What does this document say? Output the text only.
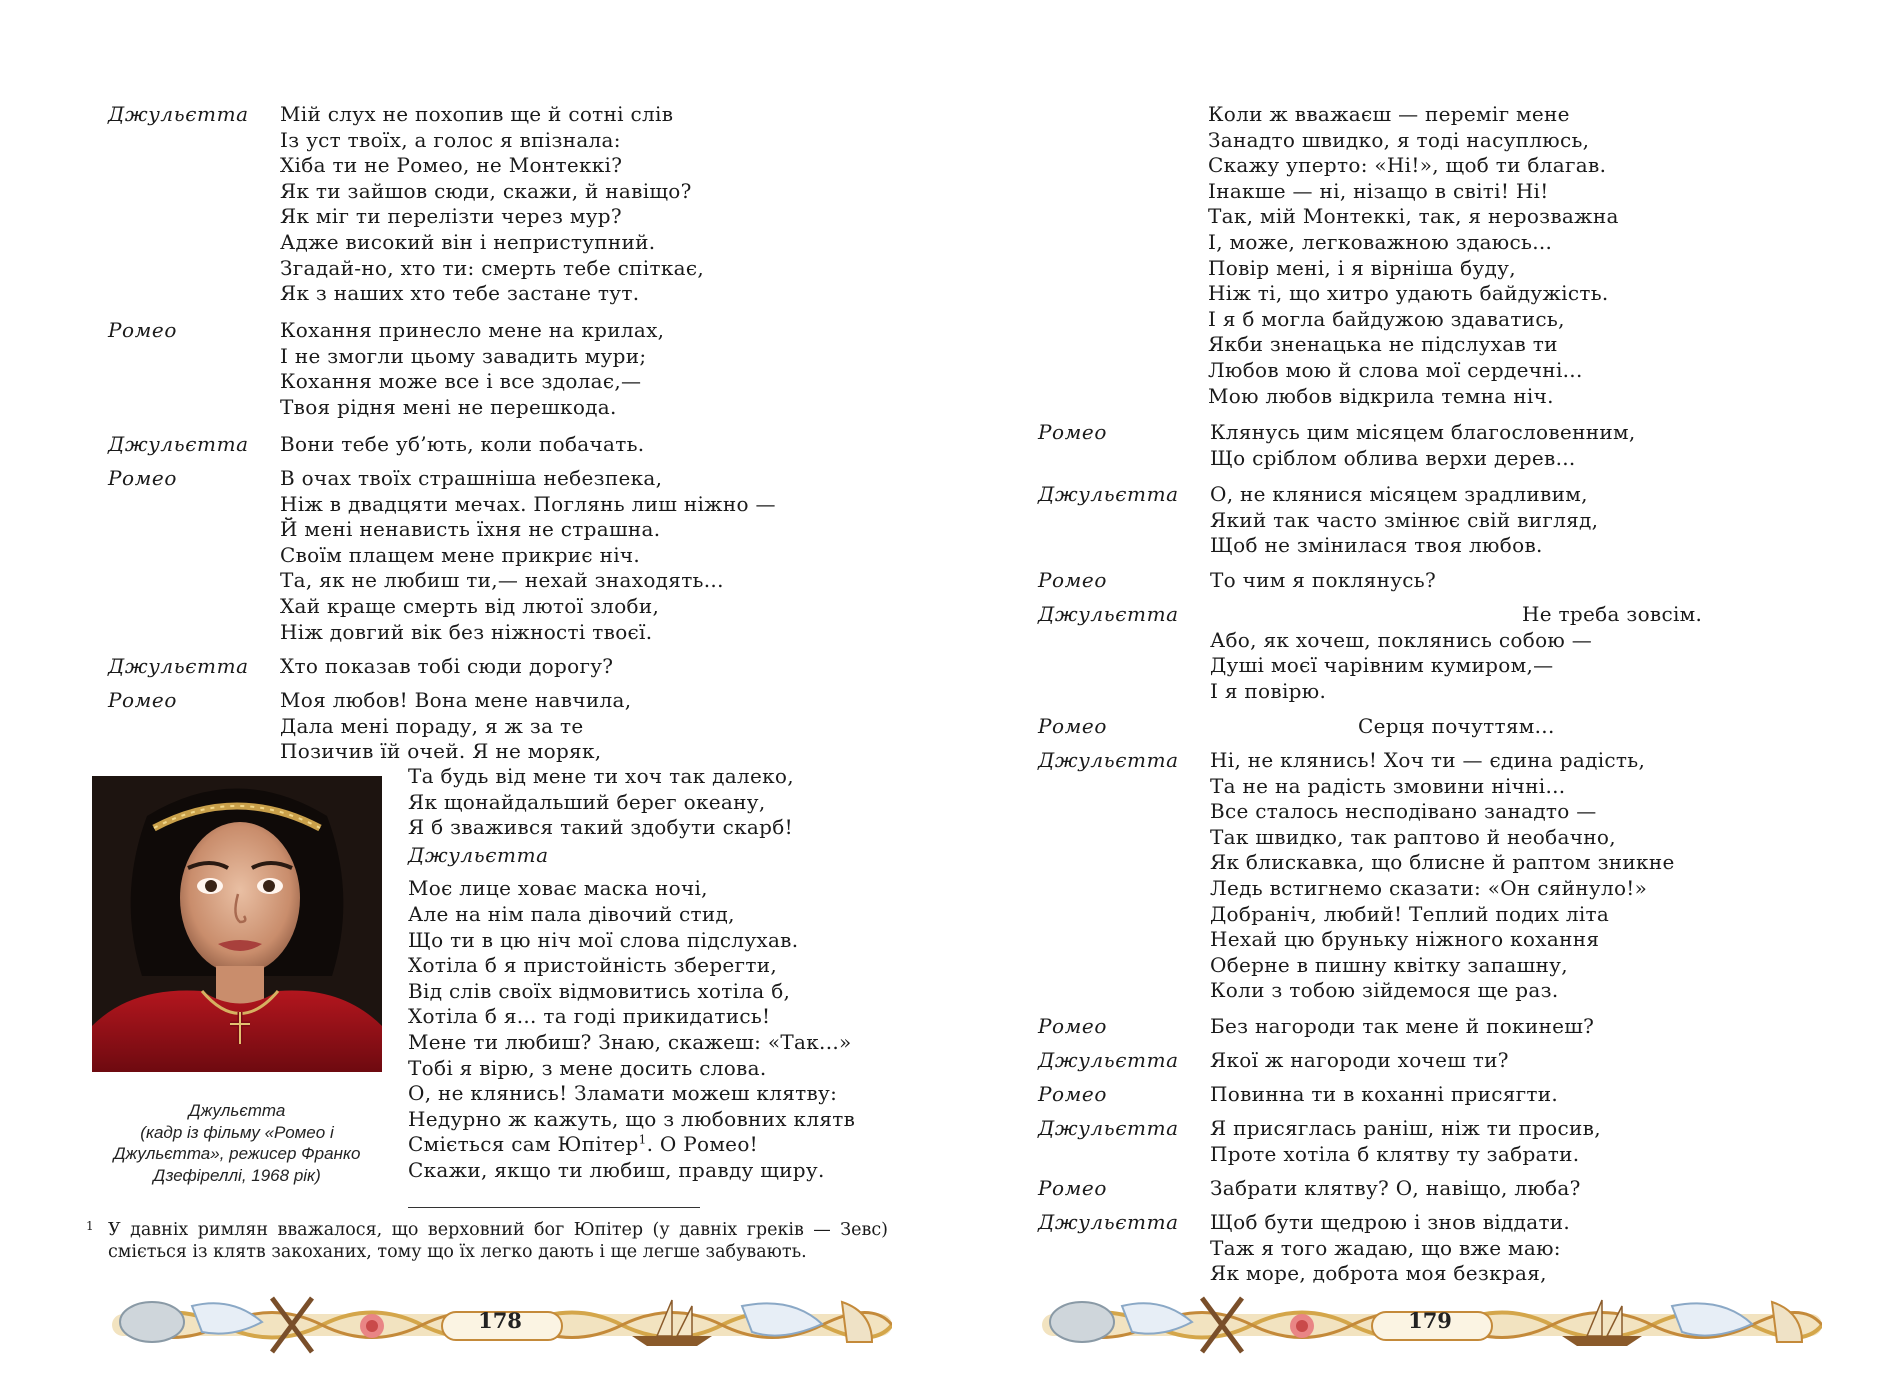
Джульєтта	Мій слух не похопив ще й сотні слів
Із уст твоїх, а голос я впізнала:
Хіба ти не Ромео, не Монтеккі?
Як ти зайшов сюди, скажи, й навіщо?
Як міг ти перелізти через мур?
Адже високий він і неприступний.
Згадай-но, хто ти: смерть тебе спіткає,
Як з наших хто тебе застане тут.
Ромео	Кохання принесло мене на крилах,
І не змогли цьому завадить мури;
Кохання може все і все здолає,—
Твоя рідня мені не перешкода.
Джульєтта	Вони тебе уб’ють, коли побачать.
Ромео	В очах твоїх страшніша небезпека,
Ніж в двадцяти мечах. Поглянь лиш ніжно —
Й мені ненависть їхня не страшна.
Своїм плащем мене прикриє ніч.
Та, як не любиш ти,— нехай знаходять...
Хай краще смерть від лютої злоби,
Ніж довгий вік без ніжності твоєї.
Джульєтта	Хто показав тобі сюди дорогу?
Ромео	Моя любов! Вона мене навчила,
Дала мені пораду, я ж за те
Позичив їй очей. Я не моряк,
Джульєтта
(кадр із фільму «Ромео і
Джульєтта», режисер Франко
Дзефіреллі, 1968 рік)
Та будь від мене ти хоч так далеко,
Як щонайдальший берег океану,
Я б зважився такий здобути скарб!
Джульєтта
Моє лице ховає маска ночі,
Але на нім пала дівочий стид,
Що ти в цю ніч мої слова підслухав.
Хотіла б я пристойність зберегти,
Від слів своїх відмовитись хотіла б,
Хотіла б я... та годі прикидатись!
Мене ти любиш? Знаю, скажеш: «Так...»
Тобі я вірю, з мене досить слова.
О, не клянись! Зламати можеш клятву:
Недурно ж кажуть, що з любовних клятв
Сміється сам Юпітер$^1$. О Ромео!
Скажи, якщо ти любиш, правду щиру.
1 У давніх римлян вважалося, що верховний бог Юпітер (у давніх греків — Зевс) сміється із клятв закоханих, тому що їх легко дають і ще легше забувають.
178
Коли ж вважаєш — переміг мене
Занадто швидко, я тоді насуплюсь,
Скажу уперто: «Ні!», щоб ти благав.
Інакше — ні, нізащо в світі! Ні!
Так, мій Монтеккі, так, я нерозважна
І, може, легковажною здаюсь...
Повір мені, і я вірніша буду,
Ніж ті, що хитро удають байдужість.
І я б могла байдужою здаватись,
Якби зненацька не підслухав ти
Любов мою й слова мої сердечні...
Мою любов відкрила темна ніч.
Ромео	Клянусь цим місяцем благословенним,
Що сріблом облива верхи дерев...
Джульєтта	О, не клянися місяцем зрадливим,
Який так часто змінює свій вигляд,
Щоб не змінилася твоя любов.
Ромео	То чим я поклянусь?
Джульєтта	Не треба зовсім.
Або, як хочеш, поклянись собою —
Душі моєї чарівним кумиром,—
І я повірю.
Ромео	Серця почуттям...
Джульєтта	Ні, не клянись! Хоч ти — єдина радість,
Та не на радість змовини нічні...
Все сталось несподівано занадто —
Так швидко, так раптово й необачно,
Як блискавка, що блисне й раптом зникне
Ледь встигнемо сказати: «Он сяйнуло!»
Добраніч, любий! Теплий подих літа
Нехай цю бруньку ніжного кохання
Оберне в пишну квітку запашну,
Коли з тобою зійдемося ще раз.
Ромео	Без нагороди так мене й покинеш?
Джульєтта	Якої ж нагороди хочеш ти?
Ромео	Повинна ти в коханні присягти.
Джульєтта	Я присяглась раніш, ніж ти просив,
Проте хотіла б клятву ту забрати.
Ромео	Забрати клятву? О, навіщо, люба?
Джульєтта	Щоб бути щедрою і знов віддати.
Таж я того жадаю, що вже маю:
Як море, доброта моя безкрая,
179
